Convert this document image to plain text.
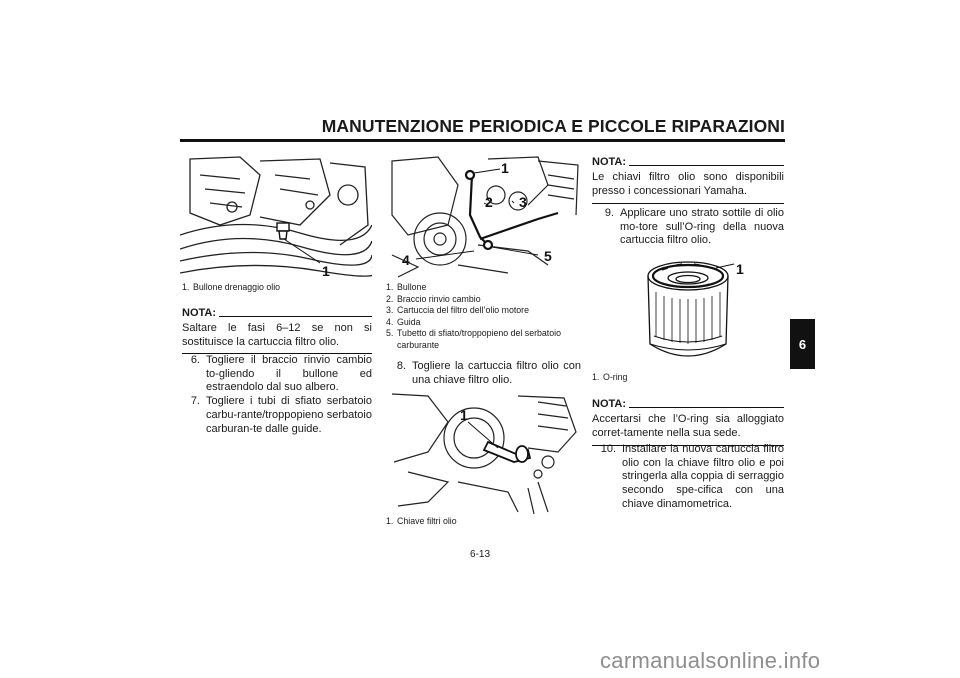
MANUTENZIONE PERIODICA E PICCOLE RIPARAZIONI
1
1. Bullone drenaggio olio
NOTA:
Saltare le fasi 6–12 se non si sostituisce la cartuccia filtro olio.
6. Togliere il braccio rinvio cambio to-gliendo il bullone ed estraendolo dal suo albero.
7. Togliere i tubi di sfiato serbatoio carbu-rante/troppopieno serbatoio carburan-te dalle guide.
1
2 3
4	5
1. Bullone
2. Braccio rinvio cambio
3. Cartuccia del filtro dell’olio motore
4. Guida
5. Tubetto di sfiato/troppopieno del serbatoio carburante
8. Togliere la cartuccia filtro olio con una chiave filtro olio.
1
1. Chiave filtri olio
NOTA:
Le chiavi filtro olio sono disponibili presso i concessionari Yamaha.
9. Applicare uno strato sottile di olio mo-tore sull’O-ring della nuova cartuccia filtro olio.
1
1. O-ring
NOTA:
Accertarsi che l’O-ring sia alloggiato corret-tamente nella sua sede.
10. Installare la nuova cartuccia filtro olio con la chiave filtro olio e poi stringerla alla coppia di serraggio secondo spe-cifica con una chiave dinamometrica.
6
6-13
carmanualsonline.info
